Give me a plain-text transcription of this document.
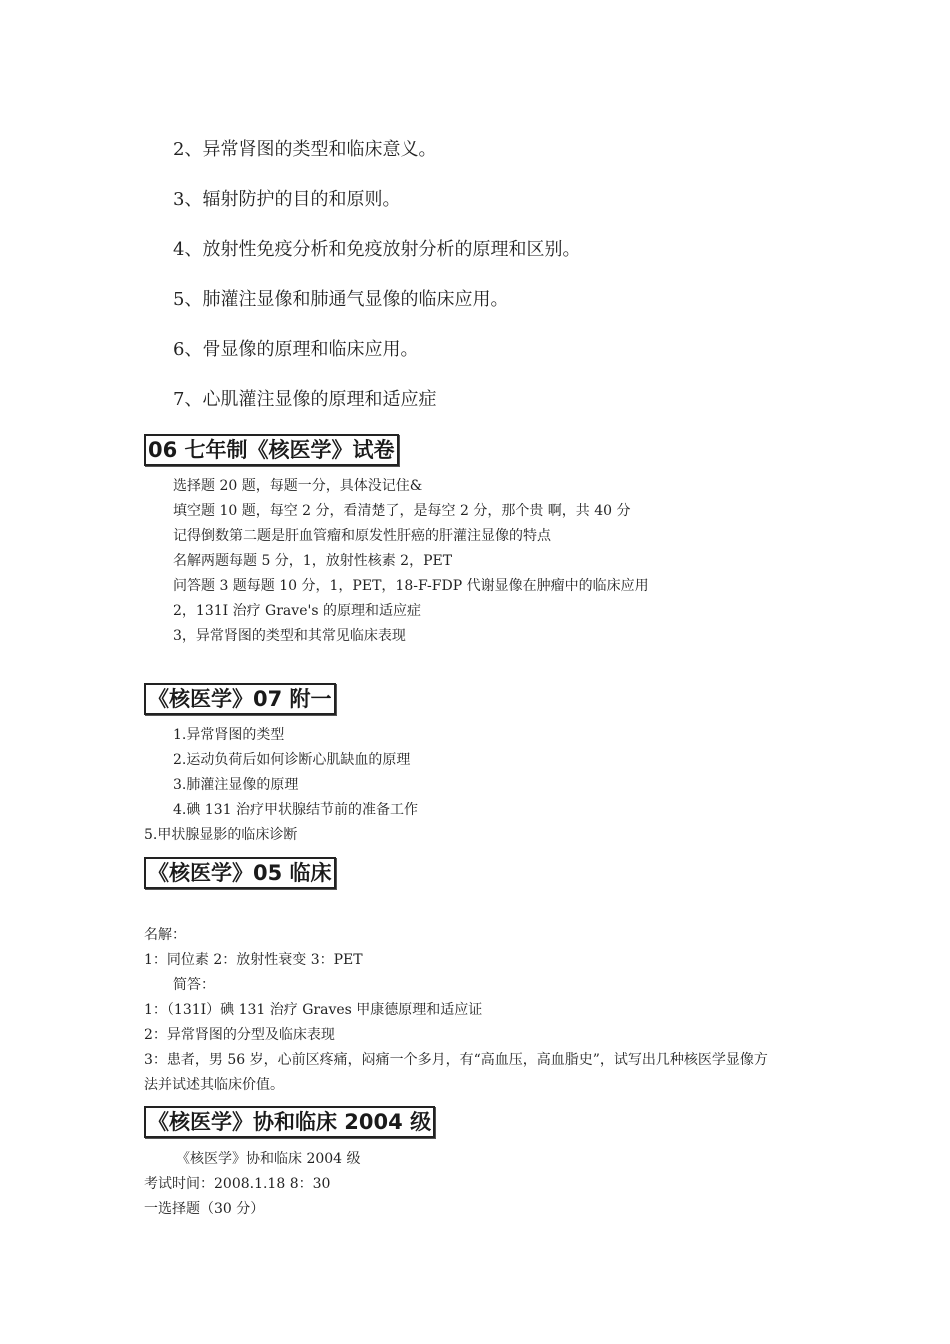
2、异常肾图的类型和临床意义。
3、辐射防护的目的和原则。
4、放射性免疫分析和免疫放射分析的原理和区别。
5、肺灌注显像和肺通气显像的临床应用。
6、骨显像的原理和临床应用。
7、心肌灌注显像的原理和适应症
06 七年制《核医学》试卷
选择题 20 题，每题一分，具体没记住&
填空题 10 题，每空 2 分，看清楚了，是每空 2 分，那个贵 啊，共 40 分
记得倒数第二题是肝血管瘤和原发性肝癌的肝灌注显像的特点
名解两题每题 5 分，1，放射性核素 2，PET
问答题 3 题每题 10 分，1，PET，18-F-FDP 代谢显像在肿瘤中的临床应用
2，131I 治疗 Grave's 的原理和适应症
3，异常肾图的类型和其常见临床表现
《核医学》07 附一
1.异常肾图的类型
2.运动负荷后如何诊断心肌缺血的原理
3.肺灌注显像的原理
4.碘 131 治疗甲状腺结节前的准备工作
5.甲状腺显影的临床诊断
《核医学》05 临床
名解：
1：同位素 2：放射性衰变 3：PET
简答：
1：（131I）碘 131 治疗 Graves 甲康德原理和适应证
2：异常肾图的分型及临床表现
3：患者，男 56 岁，心前区疼痛，闷痛一个多月，有“高血压，高血脂史”，试写出几种核医学显像方
法并试述其临床价值。
《核医学》协和临床 2004 级
《核医学》协和临床 2004 级
考试时间：2008.1.18 8：30
一选择题（30 分）
